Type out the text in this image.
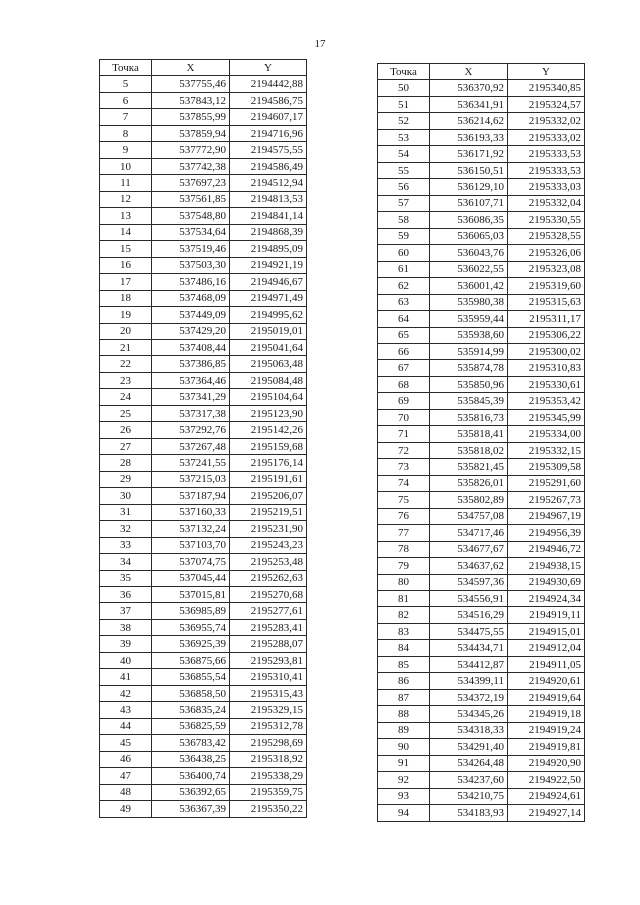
17
Точка	X	Y
5	537755,46	2194442,88
6	537843,12	2194586,75
7	537855,99	2194607,17
8	537859,94	2194716,96
9	537772,90	2194575,55
10	537742,38	2194586,49
11	537697,23	2194512,94
12	537561,85	2194813,53
13	537548,80	2194841,14
14	537534,64	2194868,39
15	537519,46	2194895,09
16	537503,30	2194921,19
17	537486,16	2194946,67
18	537468,09	2194971,49
19	537449,09	2194995,62
20	537429,20	2195019,01
21	537408,44	2195041,64
22	537386,85	2195063,48
23	537364,46	2195084,48
24	537341,29	2195104,64
25	537317,38	2195123,90
26	537292,76	2195142,26
27	537267,48	2195159,68
28	537241,55	2195176,14
29	537215,03	2195191,61
30	537187,94	2195206,07
31	537160,33	2195219,51
32	537132,24	2195231,90
33	537103,70	2195243,23
34	537074,75	2195253,48
35	537045,44	2195262,63
36	537015,81	2195270,68
37	536985,89	2195277,61
38	536955,74	2195283,41
39	536925,39	2195288,07
40	536875,66	2195293,81
41	536855,54	2195310,41
42	536858,50	2195315,43
43	536835,24	2195329,15
44	536825,59	2195312,78
45	536783,42	2195298,69
46	536438,25	2195318,92
47	536400,74	2195338,29
48	536392,65	2195359,75
49	536367,39	2195350,22
Точка	X	Y
50	536370,92	2195340,85
51	536341,91	2195324,57
52	536214,62	2195332,02
53	536193,33	2195333,02
54	536171,92	2195333,53
55	536150,51	2195333,53
56	536129,10	2195333,03
57	536107,71	2195332,04
58	536086,35	2195330,55
59	536065,03	2195328,55
60	536043,76	2195326,06
61	536022,55	2195323,08
62	536001,42	2195319,60
63	535980,38	2195315,63
64	535959,44	2195311,17
65	535938,60	2195306,22
66	535914,99	2195300,02
67	535874,78	2195310,83
68	535850,96	2195330,61
69	535845,39	2195353,42
70	535816,73	2195345,99
71	535818,41	2195334,00
72	535818,02	2195332,15
73	535821,45	2195309,58
74	535826,01	2195291,60
75	535802,89	2195267,73
76	534757,08	2194967,19
77	534717,46	2194956,39
78	534677,67	2194946,72
79	534637,62	2194938,15
80	534597,36	2194930,69
81	534556,91	2194924,34
82	534516,29	2194919,11
83	534475,55	2194915,01
84	534434,71	2194912,04
85	534412,87	2194911,05
86	534399,11	2194920,61
87	534372,19	2194919,64
88	534345,26	2194919,18
89	534318,33	2194919,24
90	534291,40	2194919,81
91	534264,48	2194920,90
92	534237,60	2194922,50
93	534210,75	2194924,61
94	534183,93	2194927,14
